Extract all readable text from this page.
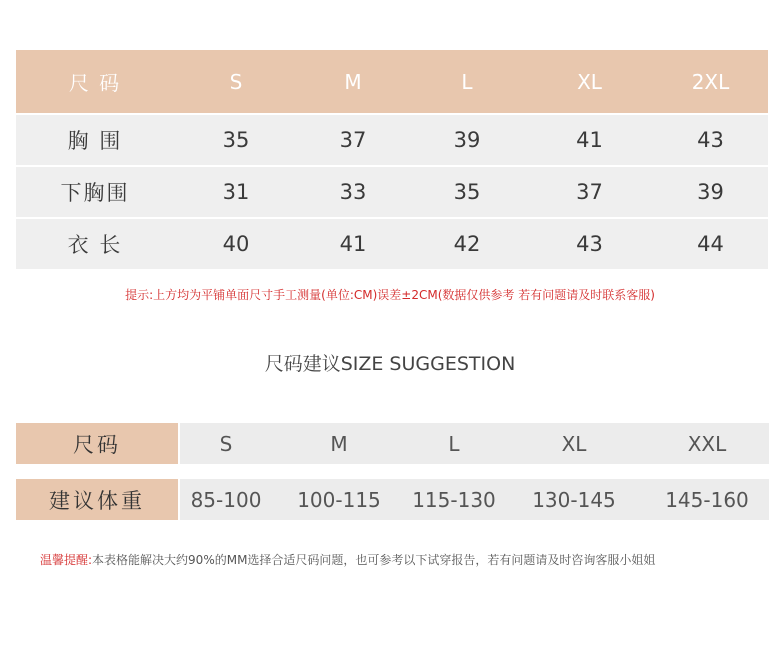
尺 码	S	M	L	XL	2XL
胸 围	35	37	39	41	43
下胸围	31	33	35	37	39
衣 长	40	41	42	43	44
提示:上方均为平铺单面尺寸手工测量(单位:CM)误差±2CM(数据仅供参考 若有问题请及时联系客服)
尺码建议SIZE SUGGESTION
尺码	S	M	L	XL	XXL
建议体重	85-100	100-115	115-130	130-145	145-160
温馨提醒:本表格能解决大约90%的MM选择合适尺码问题，也可参考以下试穿报告，若有问题请及时咨询客服小姐姐
